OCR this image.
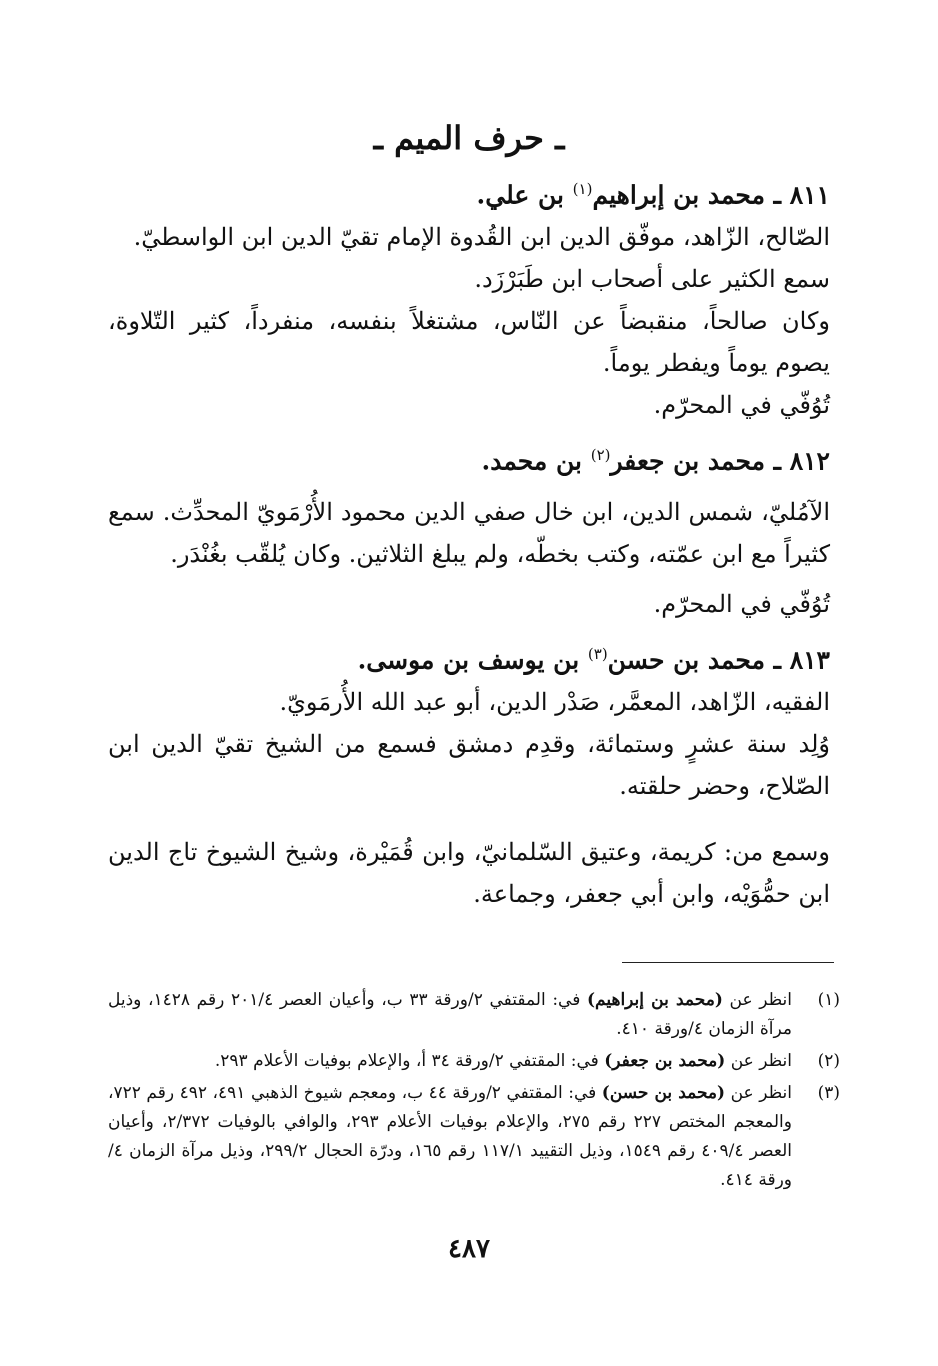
ـ حرف الميم ـ

٨١١ ـ محمد بن إبراهيم$^{(١)}$ بن علي.

الصّالح، الزّاهد، موفّق الدين ابن القُدوة الإمام تقيّ الدين ابن الواسطيّ.

سمع الكثير على أصحاب ابن طَبَرْزَد.

وكان صالحاً، منقبضاً عن النّاس، مشتغلاً بنفسه، منفرداً، كثير التّلاوة، يصوم يوماً ويفطر يوماً.

تُوُفّي في المحرّم.

٨١٢ ـ محمد بن جعفر$^{(٢)}$ بن محمد.

الآمُليّ، شمس الدين، ابن خال صفي الدين محمود الأُرْمَويّ المحدِّث. سمع كثيراً مع ابن عمّته، وكتب بخطّه، ولم يبلغ الثلاثين. وكان يُلقّب بغُنْدَر.

تُوُفّي في المحرّم.

٨١٣ ـ محمد بن حسن$^{(٣)}$ بن يوسف بن موسى.

الفقيه، الزّاهد، المعمَّر، صَدْر الدين، أبو عبد الله الأُرمَويّ.

وُلِد سنة عشرٍ وستمائة، وقدِم دمشق فسمع من الشيخ تقيّ الدين ابن الصّلاح، وحضر حلقته.

وسمع من: كريمة، وعتيق السّلمانيّ، وابن قُمَيْرة، وشيخ الشيوخ تاج الدين ابن حمُّوَيْه، وابن أبي جعفر، وجماعة.

(١)
انظر عن (محمد بن إبراهيم) في: المقتفي ٢/ورقة ٣٣ ب، وأعيان العصر ٢٠١/٤ رقم ١٤٢٨، وذيل مرآة الزمان ٤/ورقة ٤١٠.
(٢)
انظر عن (محمد بن جعفر) في: المقتفي ٢/ورقة ٣٤ أ، والإعلام بوفيات الأعلام ٢٩٣.
(٣)
انظر عن (محمد بن حسن) في: المقتفي ٢/ورقة ٤٤ ب، ومعجم شيوخ الذهبي ٤٩١، ٤٩٢ رقم ٧٢٢، والمعجم المختص ٢٢٧ رقم ٢٧٥، والإعلام بوفيات الأعلام ٢٩٣، والوافي بالوفيات ٢/٣٧٢، وأعيان العصر ٤٠٩/٤ رقم ١٥٤٩، وذيل التقييد ١١٧/١ رقم ١٦٥، ودرّة الحجال ٢٩٩/٢، وذيل مرآة الزمان ٤/ورقة ٤١٤.
٤٨٧
